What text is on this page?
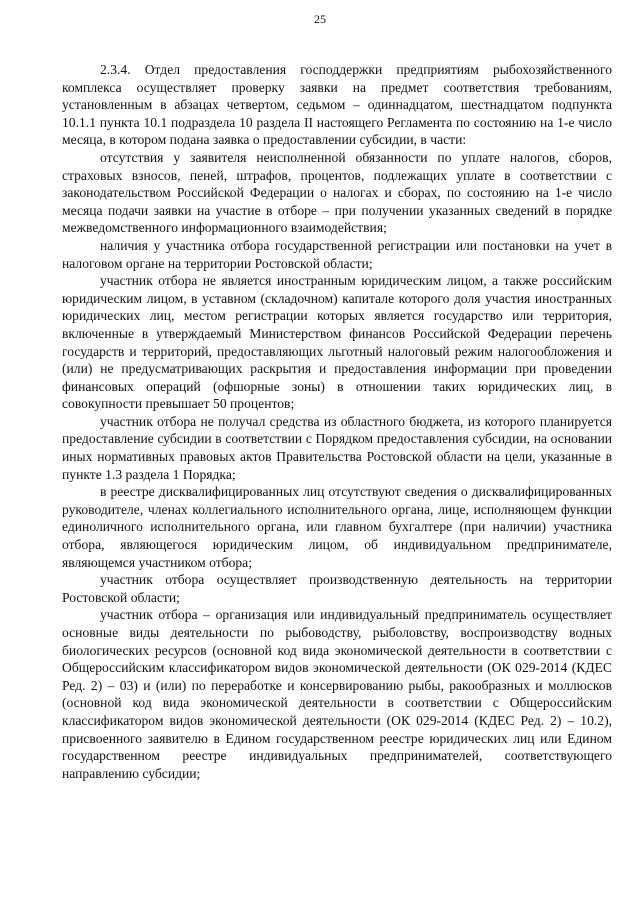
25

2.3.4. Отдел предоставления господдержки предприятиям рыбохозяйственного комплекса осуществляет проверку заявки на предмет соответствия требованиям, установленным в абзацах четвертом, седьмом – одиннадцатом, шестнадцатом подпункта 10.1.1 пункта 10.1 подраздела 10 раздела II настоящего Регламента по состоянию на 1-е число месяца, в котором подана заявка о предоставлении субсидии, в части:

отсутствия у заявителя неисполненной обязанности по уплате налогов, сборов, страховых взносов, пеней, штрафов, процентов, подлежащих уплате в соответствии с законодательством Российской Федерации о налогах и сборах, по состоянию на 1-е число месяца подачи заявки на участие в отборе – при получении указанных сведений в порядке межведомственного информационного взаимодействия;

наличия у участника отбора государственной регистрации или постановки на учет в налоговом органе на территории Ростовской области;

участник отбора не является иностранным юридическим лицом, а также российским юридическим лицом, в уставном (складочном) капитале которого доля участия иностранных юридических лиц, местом регистрации которых является государство или территория, включенные в утверждаемый Министерством финансов Российской Федерации перечень государств и территорий, предоставляющих льготный налоговый режим налогообложения и (или) не предусматривающих раскрытия и предоставления информации при проведении финансовых операций (офшорные зоны) в отношении таких юридических лиц, в совокупности превышает 50 процентов;

участник отбора не получал средства из областного бюджета, из которого планируется предоставление субсидии в соответствии с Порядком предоставления субсидии, на основании иных нормативных правовых актов Правительства Ростовской области на цели, указанные в пункте 1.3 раздела 1 Порядка;

в реестре дисквалифицированных лиц отсутствуют сведения о дисквалифицированных руководителе, членах коллегиального исполнительного органа, лице, исполняющем функции единоличного исполнительного органа, или главном бухгалтере (при наличии) участника отбора, являющегося юридическим лицом, об индивидуальном предпринимателе, являющемся участником отбора;

участник отбора осуществляет производственную деятельность на территории Ростовской области;

участник отбора – организация или индивидуальный предприниматель осуществляет основные виды деятельности по рыбоводству, рыболовству, воспроизводству водных биологических ресурсов (основной код вида экономической деятельности в соответствии с Общероссийским классификатором видов экономической деятельности (ОК 029-2014 (КДЕС Ред. 2) – 03) и (или) по переработке и консервированию рыбы, ракообразных и моллюсков (основной код вида экономической деятельности в соответствии с Общероссийским классификатором видов экономической деятельности (ОК 029-2014 (КДЕС Ред. 2) – 10.2), присвоенного заявителю в Едином государственном реестре юридических лиц или Едином государственном реестре индивидуальных предпринимателей, соответствующего направлению субсидии;
